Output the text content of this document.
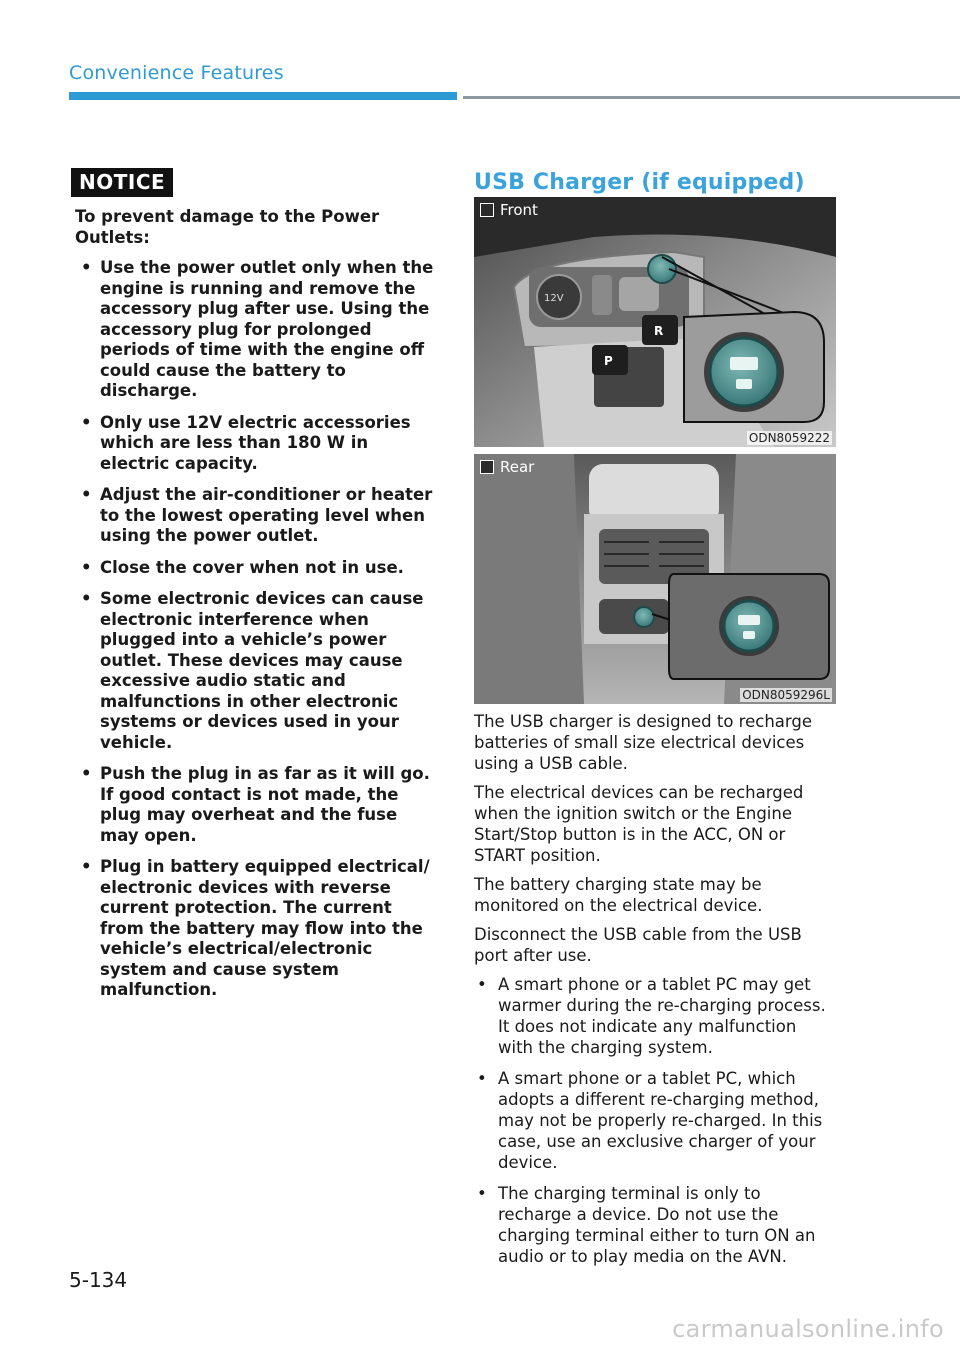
Convenience Features
NOTICE
To prevent damage to the Power Outlets:
• Use the power outlet only when the engine is running and remove the accessory plug after use. Using the accessory plug for prolonged periods of time with the engine off could cause the battery to discharge.
• Only use 12V electric accessories which are less than 180 W in electric capacity.
• Adjust the air-conditioner or heater to the lowest operating level when using the power outlet.
• Close the cover when not in use.
• Some electronic devices can cause electronic interference when plugged into a vehicle’s power outlet. These devices may cause excessive audio static and malfunctions in other electronic systems or devices used in your vehicle.
• Push the plug in as far as it will go. If good contact is not made, the plug may overheat and the fuse may open.
• Plug in battery equipped electrical/ electronic devices with reverse current protection. The current from the battery may flow into the vehicle’s electrical/electronic system and cause system malfunction.
USB Charger (if equipped)
12V
P
R
Front
ODN8059222
Rear
ODN8059296L

The USB charger is designed to recharge batteries of small size electrical devices using a USB cable.

The electrical devices can be recharged when the ignition switch or the Engine Start/Stop button is in the ACC, ON or START position.

The battery charging state may be monitored on the electrical device.

Disconnect the USB cable from the USB port after use.

• A smart phone or a tablet PC may get warmer during the re-charging process. It does not indicate any malfunction with the charging system.
• A smart phone or a tablet PC, which adopts a different re-charging method, may not be properly re-charged. In this case, use an exclusive charger of your device.
• The charging terminal is only to recharge a device. Do not use the charging terminal either to turn ON an audio or to play media on the AVN.
5-134
carmanualsonline.info
